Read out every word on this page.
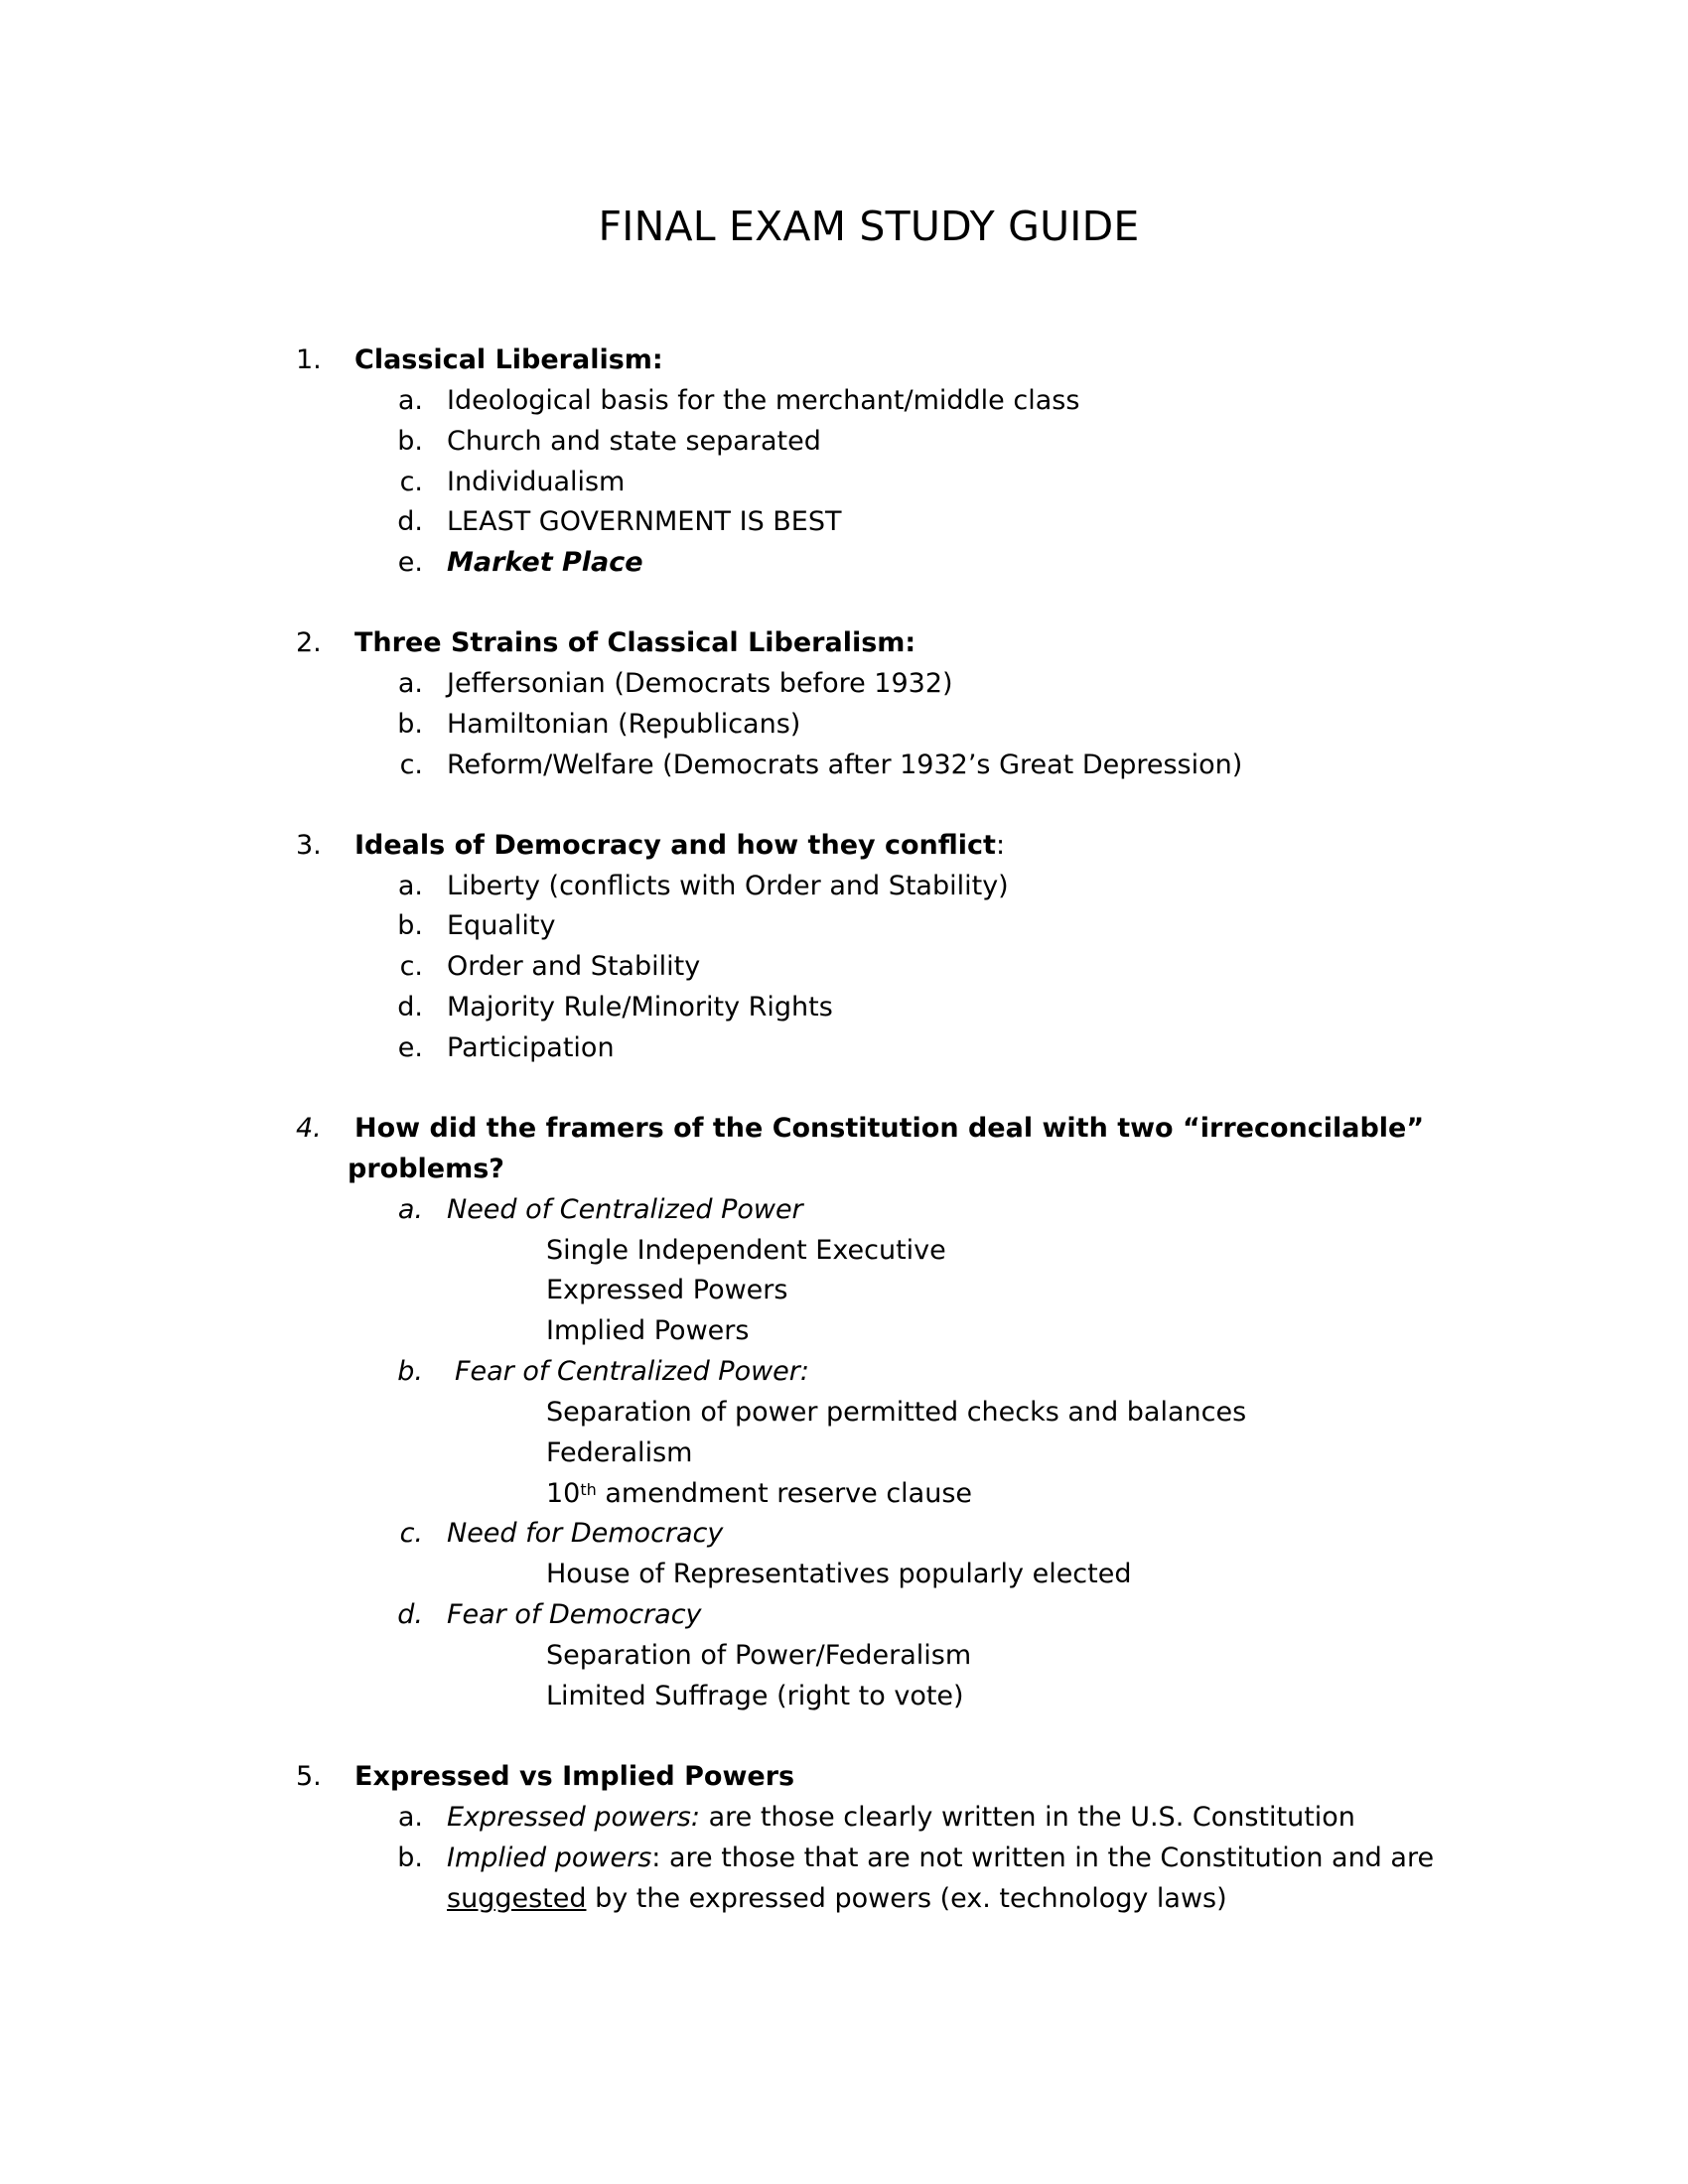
FINAL EXAM STUDY GUIDE
1. Classical Liberalism:
a. Ideological basis for the merchant/middle class
b. Church and state separated
c. Individualism
d. LEAST GOVERNMENT IS BEST
e. Market Place
2. Three Strains of Classical Liberalism:
a. Jeffersonian (Democrats before 1932)
b. Hamiltonian (Republicans)
c. Reform/Welfare (Democrats after 1932’s Great Depression)
3. Ideals of Democracy and how they conflict:
a. Liberty (conflicts with Order and Stability)
b. Equality
c. Order and Stability
d. Majority Rule/Minority Rights
e. Participation
4. How did the framers of the Constitution deal with two “irreconcilable”
problems?
a. Need of Centralized Power
Single Independent Executive
Expressed Powers
Implied Powers
b. Fear of Centralized Power:
Separation of power permitted checks and balances
Federalism
10th amendment reserve clause
c. Need for Democracy
House of Representatives popularly elected
d. Fear of Democracy
Separation of Power/Federalism
Limited Suffrage (right to vote)
5. Expressed vs Implied Powers
a. Expressed powers: are those clearly written in the U.S. Constitution
b. Implied powers: are those that are not written in the Constitution and are
suggested by the expressed powers (ex. technology laws)
